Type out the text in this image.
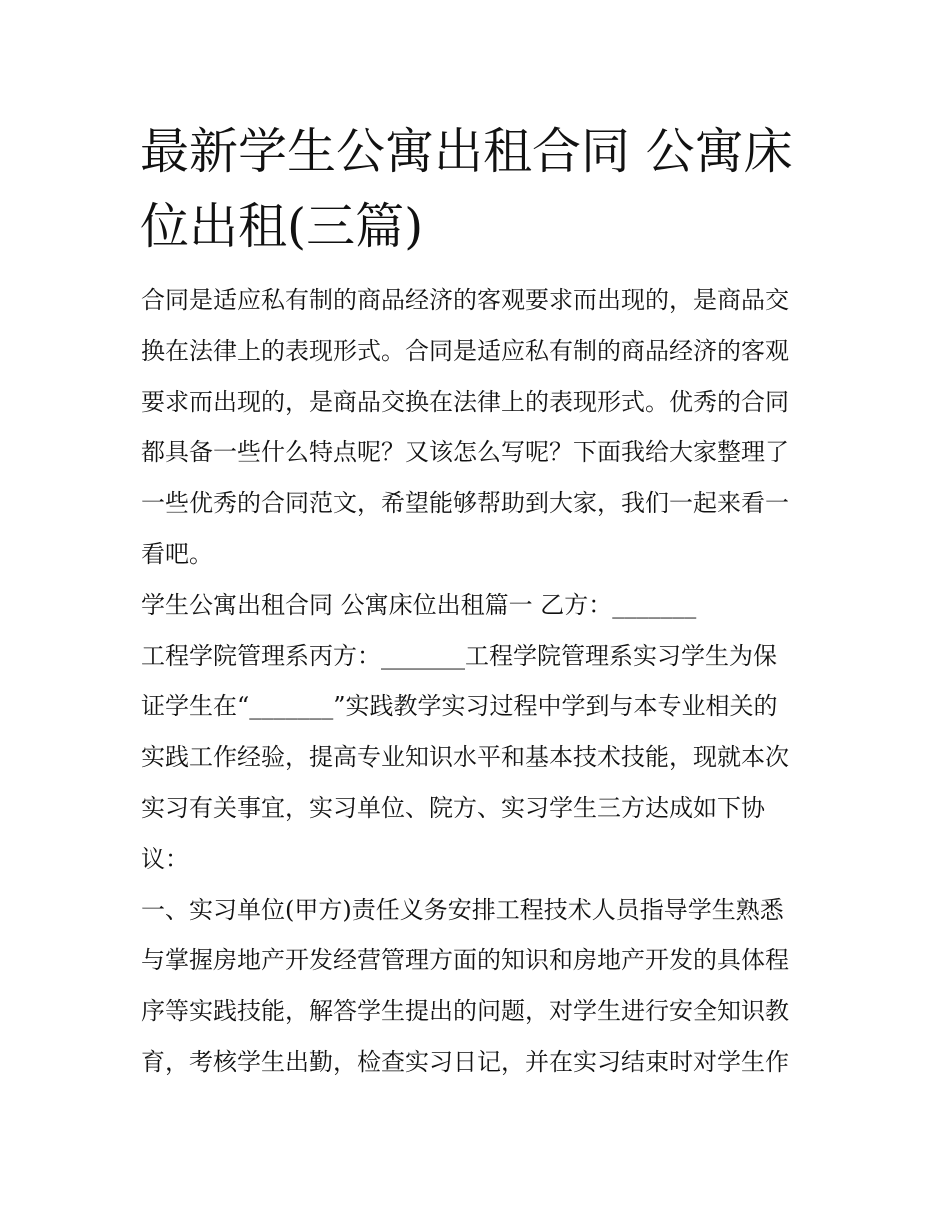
最新学生公寓出租合同 公寓床
位出租(三篇)
合同是适应私有制的商品经济的客观要求而出现的，是商品交
换在法律上的表现形式。合同是适应私有制的商品经济的客观
要求而出现的，是商品交换在法律上的表现形式。优秀的合同
都具备一些什么特点呢？又该怎么写呢？下面我给大家整理了
一些优秀的合同范文，希望能够帮助到大家，我们一起来看一
看吧。
学生公寓出租合同 公寓床位出租篇一 乙方：_______
工程学院管理系丙方：_______工程学院管理系实习学生为保
证学生在“_______”实践教学实习过程中学到与本专业相关的
实践工作经验，提高专业知识水平和基本技术技能，现就本次
实习有关事宜，实习单位、院方、实习学生三方达成如下协
议：
一、实习单位(甲方)责任义务安排工程技术人员指导学生熟悉
与掌握房地产开发经营管理方面的知识和房地产开发的具体程
序等实践技能，解答学生提出的问题，对学生进行安全知识教
育，考核学生出勤，检查实习日记，并在实习结束时对学生作
